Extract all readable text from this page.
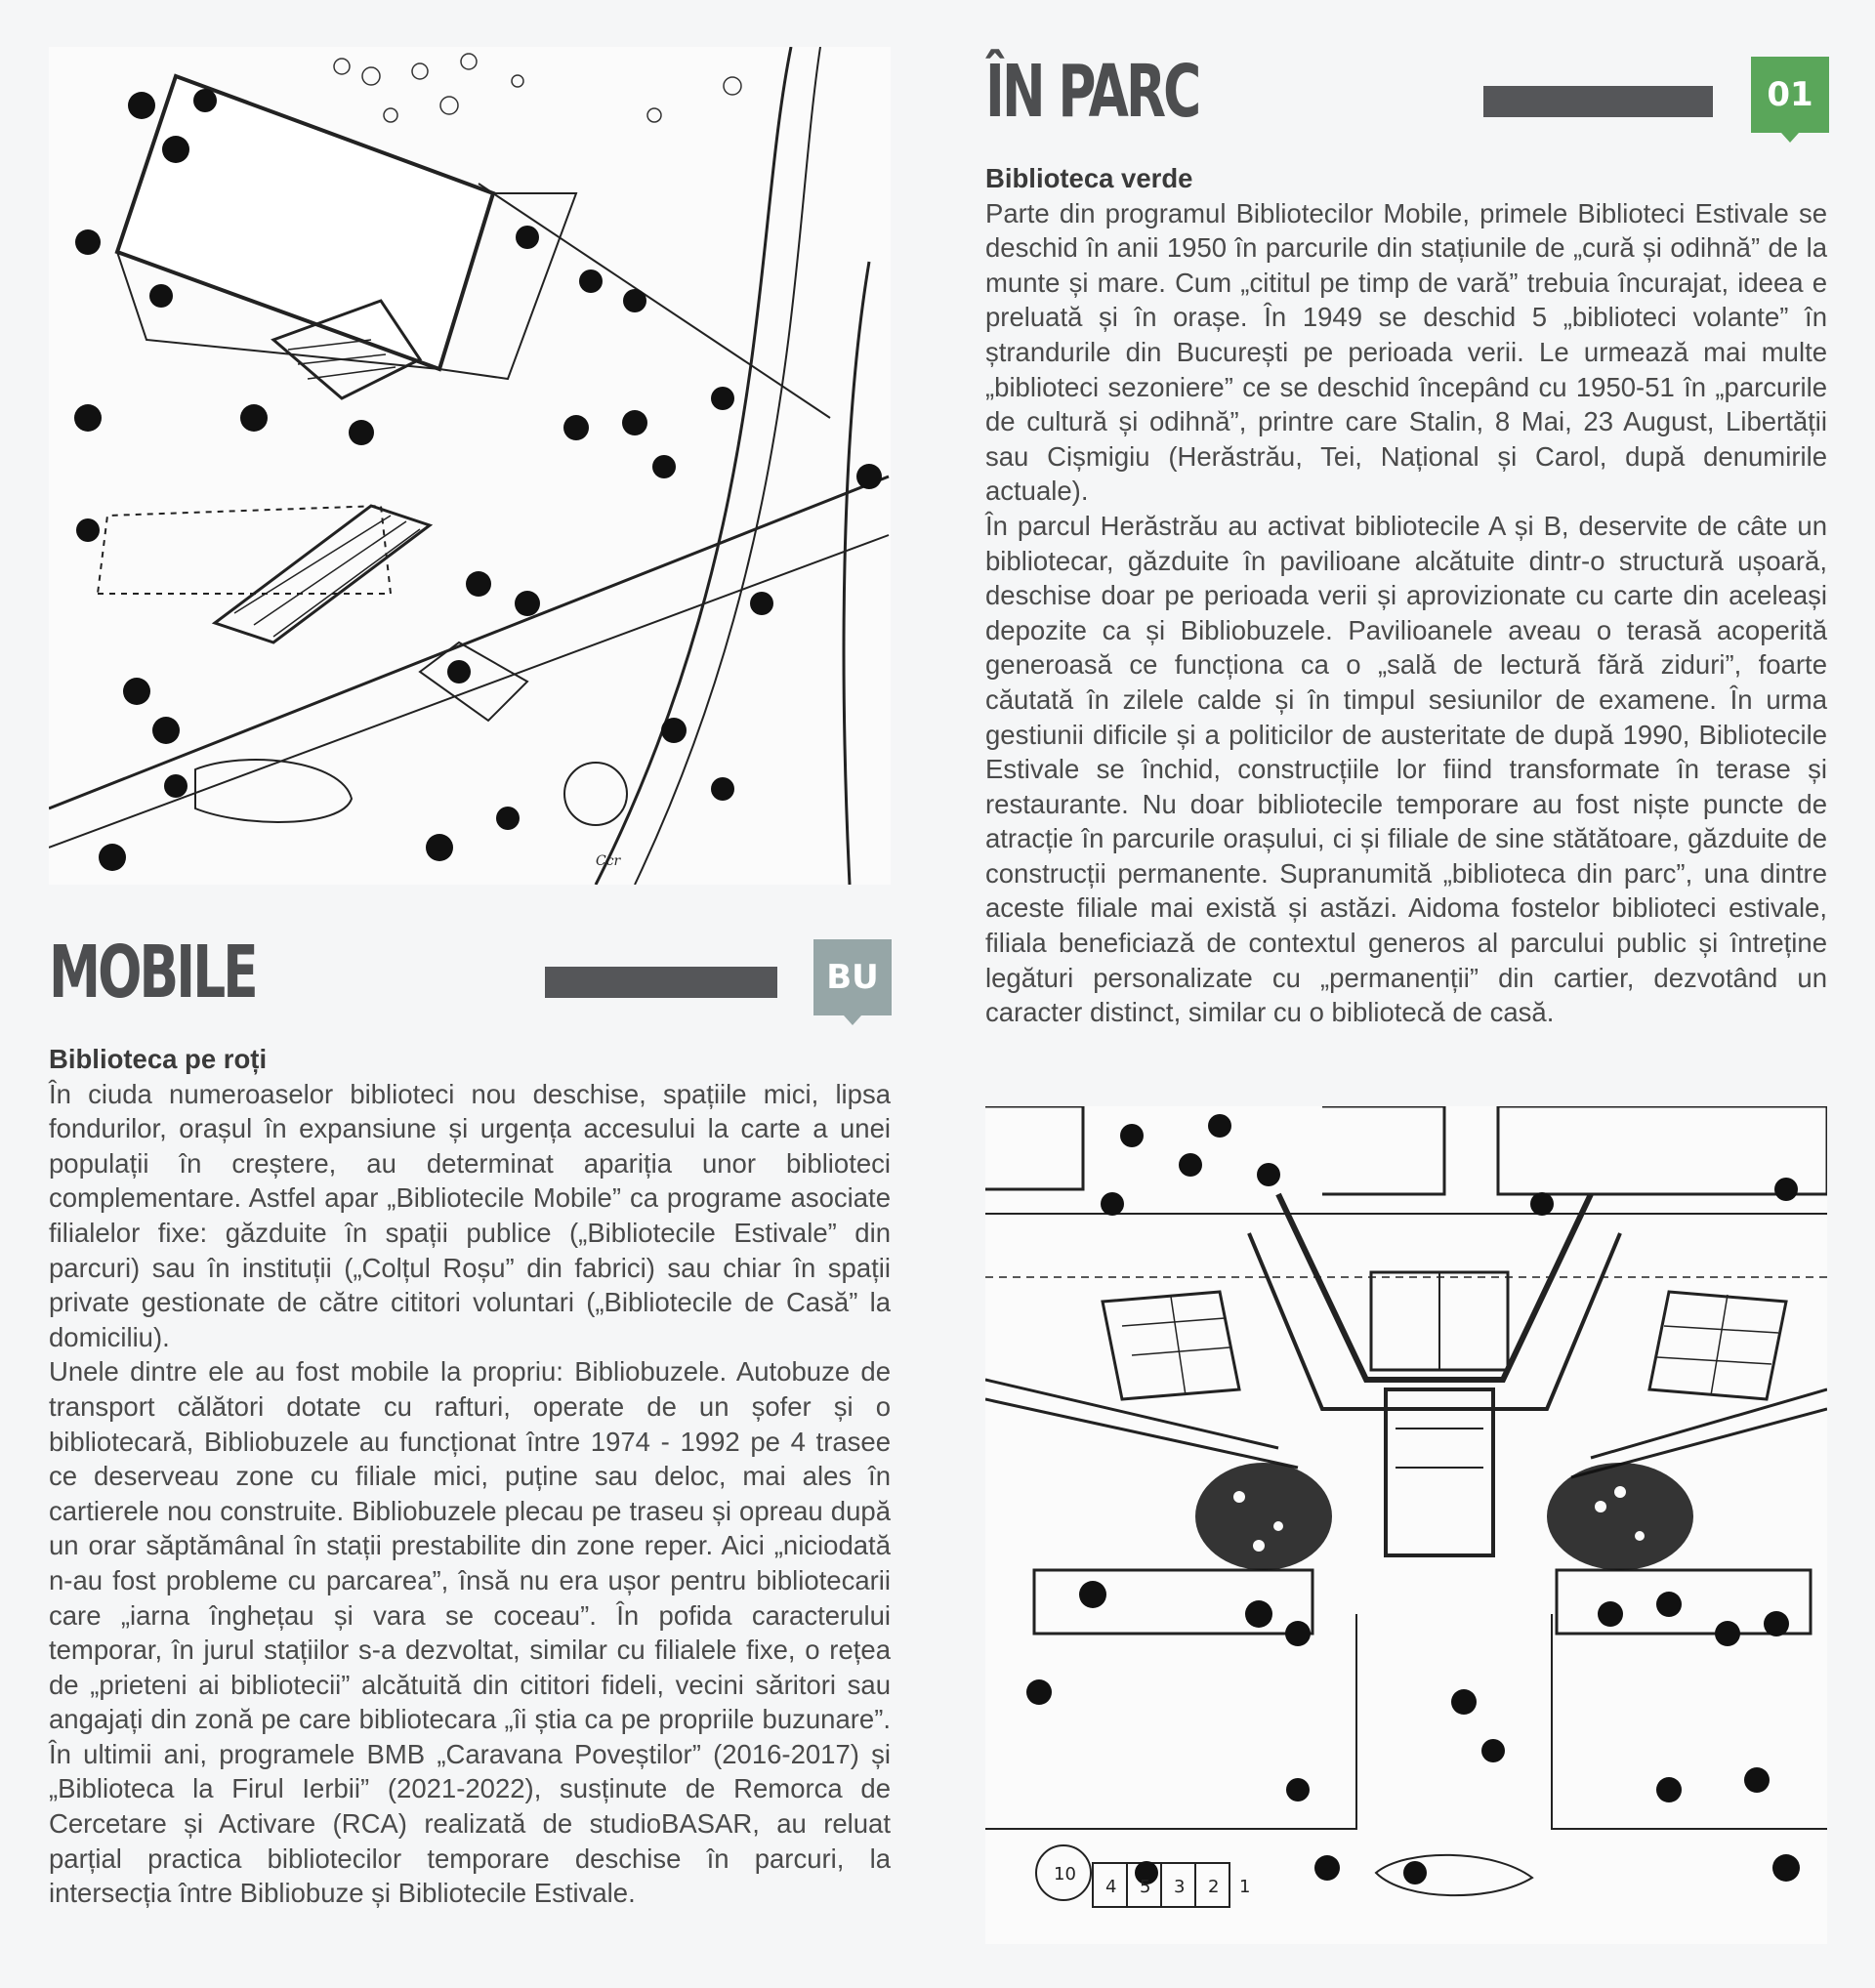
Ccr
MOBILE	BU
Biblioteca pe roți

În ciuda numeroaselor biblioteci nou deschise, spațiile mici, lipsa fondurilor, orașul în expansiune și urgența accesului la carte a unei populații în creștere, au determinat apariția unor biblioteci complementare. Astfel apar „Bibliotecile Mobile” ca programe asociate filialelor fixe: găzduite în spații publice („Bibliotecile Estivale” din parcuri) sau în instituții („Colțul Roșu” din fabrici) sau chiar în spații private gestionate de către cititori voluntari („Bibliotecile de Casă” la domiciliu).

Unele dintre ele au fost mobile la propriu: Bibliobuzele. Autobuze de transport călători dotate cu rafturi, operate de un șofer și o bibliotecară, Bibliobuzele au funcționat între 1974 - 1992 pe 4 trasee ce deserveau zone cu filiale mici, puține sau deloc, mai ales în cartierele nou construite. Bibliobuzele plecau pe traseu și opreau după un orar săptămânal în stații prestabilite din zone reper. Aici „niciodată n-au fost probleme cu parcarea”, însă nu era ușor pentru bibliotecarii care „iarna înghețau și vara se coceau”. În pofida caracterului temporar, în jurul stațiilor s-a dezvoltat, similar cu filialele fixe, o rețea de „prieteni ai bibliotecii” alcătuită din cititori fideli, vecini săritori sau angajați din zonă pe care bibliotecara „îi știa ca pe propriile buzunare”. În ultimii ani, programele BMB „Caravana Poveștilor” (2016-2017) și „Biblioteca la Firul Ierbii” (2021-2022), susținute de Remorca de Cercetare și Activare (RCA) realizată de studioBASAR, au reluat parțial practica bibliotecilor temporare deschise în parcuri, la intersecția între Bibliobuze și Bibliotecile Estivale.

ÎN PARC	01
Biblioteca verde

Parte din programul Bibliotecilor Mobile, primele Biblioteci Estivale se deschid în anii 1950 în parcurile din stațiunile de „cură și odihnă” de la munte și mare. Cum „cititul pe timp de vară” trebuia încurajat, ideea e preluată și în orașe. În 1949 se deschid 5 „biblioteci volante” în ștrandurile din București pe perioada verii. Le urmează mai multe „biblioteci sezoniere” ce se deschid începând cu 1950-51 în „parcurile de cultură și odihnă”, printre care Stalin, 8 Mai, 23 August, Libertății sau Cișmigiu (Herăstrău, Tei, Național și Carol, după denumirile actuale).

În parcul Herăstrău au activat bibliotecile A și B, deservite de câte un bibliotecar, găzduite în pavilioane alcătuite dintr-o structură ușoară, deschise doar pe perioada verii și aprovizionate cu carte din aceleași depozite ca și Bibliobuzele. Pavilioanele aveau o terasă acoperită generoasă ce funcționa ca o „sală de lectură fără ziduri”, foarte căutată în zilele calde și în timpul sesiunilor de examene. În urma gestiunii dificile și a politicilor de austeritate de după 1990, Bibliotecile Estivale se închid, construcțiile lor fiind transformate în terase și restaurante. Nu doar bibliotecile temporare au fost niște puncte de atracție în parcurile orașului, ci și filiale de sine stătătoare, găzduite de construcții permanente. Supranumită „biblioteca din parc”, una dintre aceste filiale mai există și astăzi. Aidoma fostelor biblioteci estivale, filiala beneficiază de contextul generos al parcului public și întreține legături personalizate cu „permanenții” din cartier, dezvotând un caracter distinct, similar cu o bibliotecă de casă.

10
4 5 3 2 1
